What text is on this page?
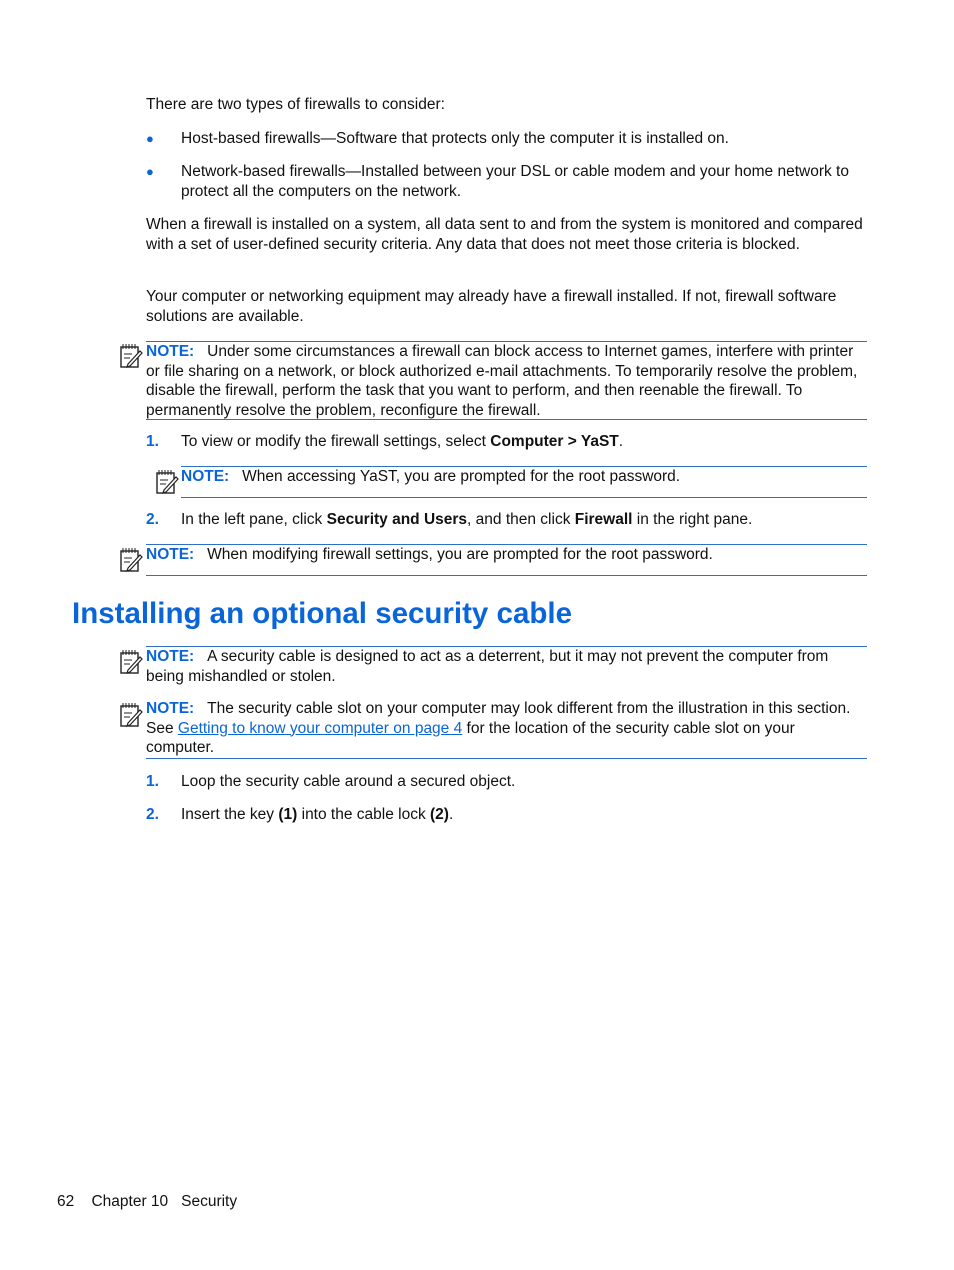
There are two types of firewalls to consider:

● Host-based firewalls—Software that protects only the computer it is installed on.

● Network-based firewalls—Installed between your DSL or cable modem and your home network to protect all the computers on the network.

When a firewall is installed on a system, all data sent to and from the system is monitored and compared with a set of user-defined security criteria. Any data that does not meet those criteria is blocked.

Your computer or networking equipment may already have a firewall installed. If not, firewall software solutions are available.

NOTE: Under some circumstances a firewall can block access to Internet games, interfere with printer or file sharing on a network, or block authorized e-mail attachments. To temporarily resolve the problem, disable the firewall, perform the task that you want to perform, and then reenable the firewall. To permanently resolve the problem, reconfigure the firewall.

1. To view or modify the firewall settings, select Computer > YaST.

NOTE: When accessing YaST, you are prompted for the root password.

2. In the left pane, click Security and Users, and then click Firewall in the right pane.

NOTE: When modifying firewall settings, you are prompted for the root password.

Installing an optional security cable

NOTE: A security cable is designed to act as a deterrent, but it may not prevent the computer from being mishandled or stolen.

NOTE: The security cable slot on your computer may look different from the illustration in this section. See Getting to know your computer on page 4 for the location of the security cable slot on your computer.

1. Loop the security cable around a secured object.

2. Insert the key (1) into the cable lock (2).

62 Chapter 10 Security
